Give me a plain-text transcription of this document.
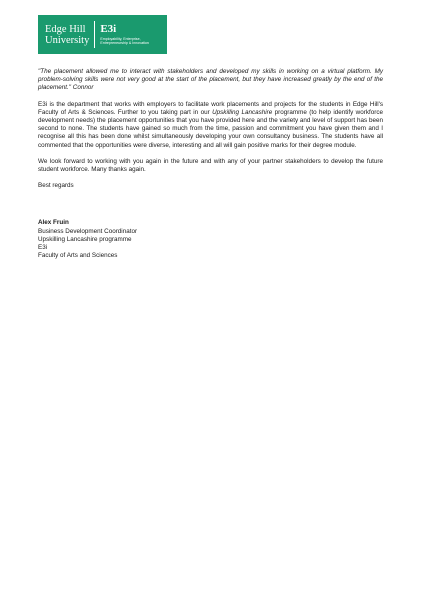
Edge Hill
University
E3i
Employability, Enterprise, Entrepreneurship & Innovation

"The placement allowed me to interact with stakeholders and developed my skills in working on a virtual platform. My problem-solving skills were not very good at the start of the placement, but they have increased greatly by the end of the placement." Connor

E3i is the department that works with employers to facilitate work placements and projects for the students in Edge Hill's Faculty of Arts & Sciences. Further to you taking part in our Upskilling Lancashire programme (to help identify workforce development needs) the placement opportunities that you have provided here and the variety and level of support has been second to none. The students have gained so much from the time, passion and commitment you have given them and I recognise all this has been done whilst simultaneously developing your own consultancy business. The students have all commented that the opportunities were diverse, interesting and all will gain positive marks for their degree module.

We look forward to working with you again in the future and with any of your partner stakeholders to develop the future student workforce. Many thanks again.

Best regards

Alex Fruin
Business Development Coordinator
Upskilling Lancashire programme
E3i
Faculty of Arts and Sciences
